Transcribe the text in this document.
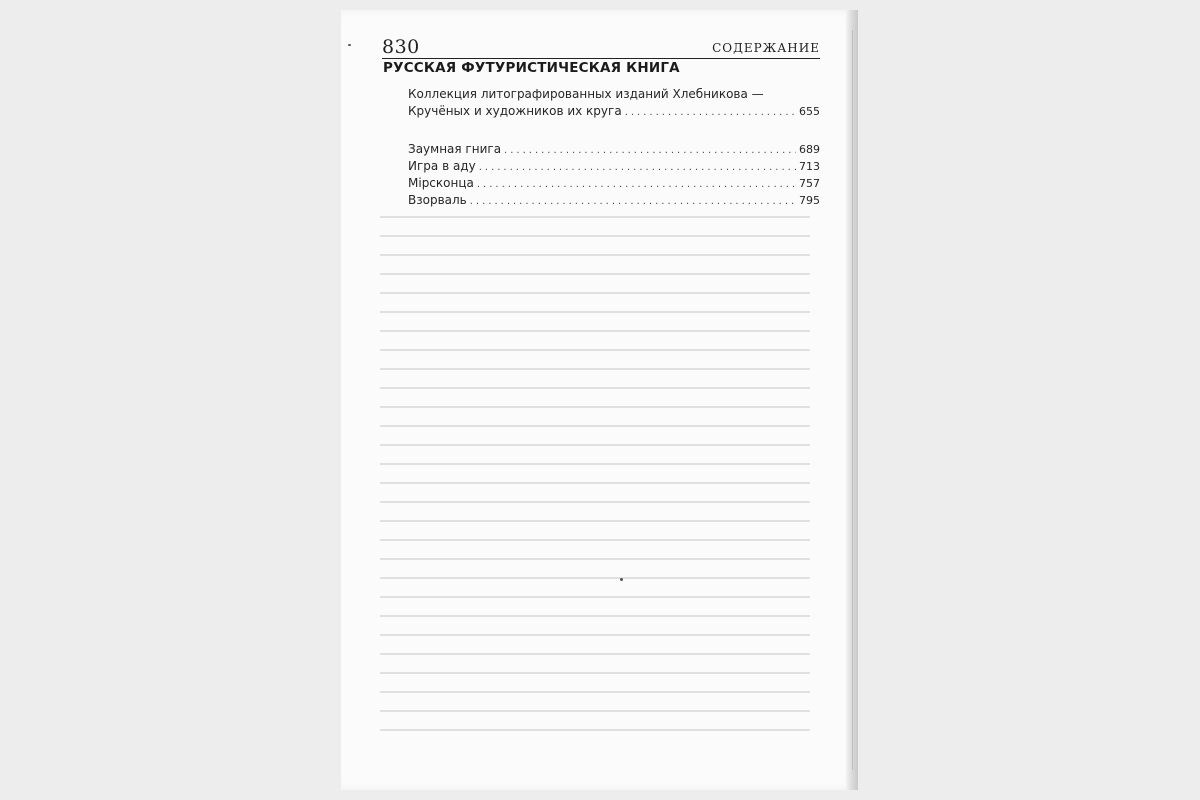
830	СОДЕРЖАНИЕ
РУССКАЯ ФУТУРИСТИЧЕСКАЯ КНИГА
Коллекция литографированных изданий Хлебникова —
Кручёных и художников их круга .....	655
Заумная гнига .....	689
Игра в аду .....	713
Мірсконца .....	757
Взорваль .....	795
